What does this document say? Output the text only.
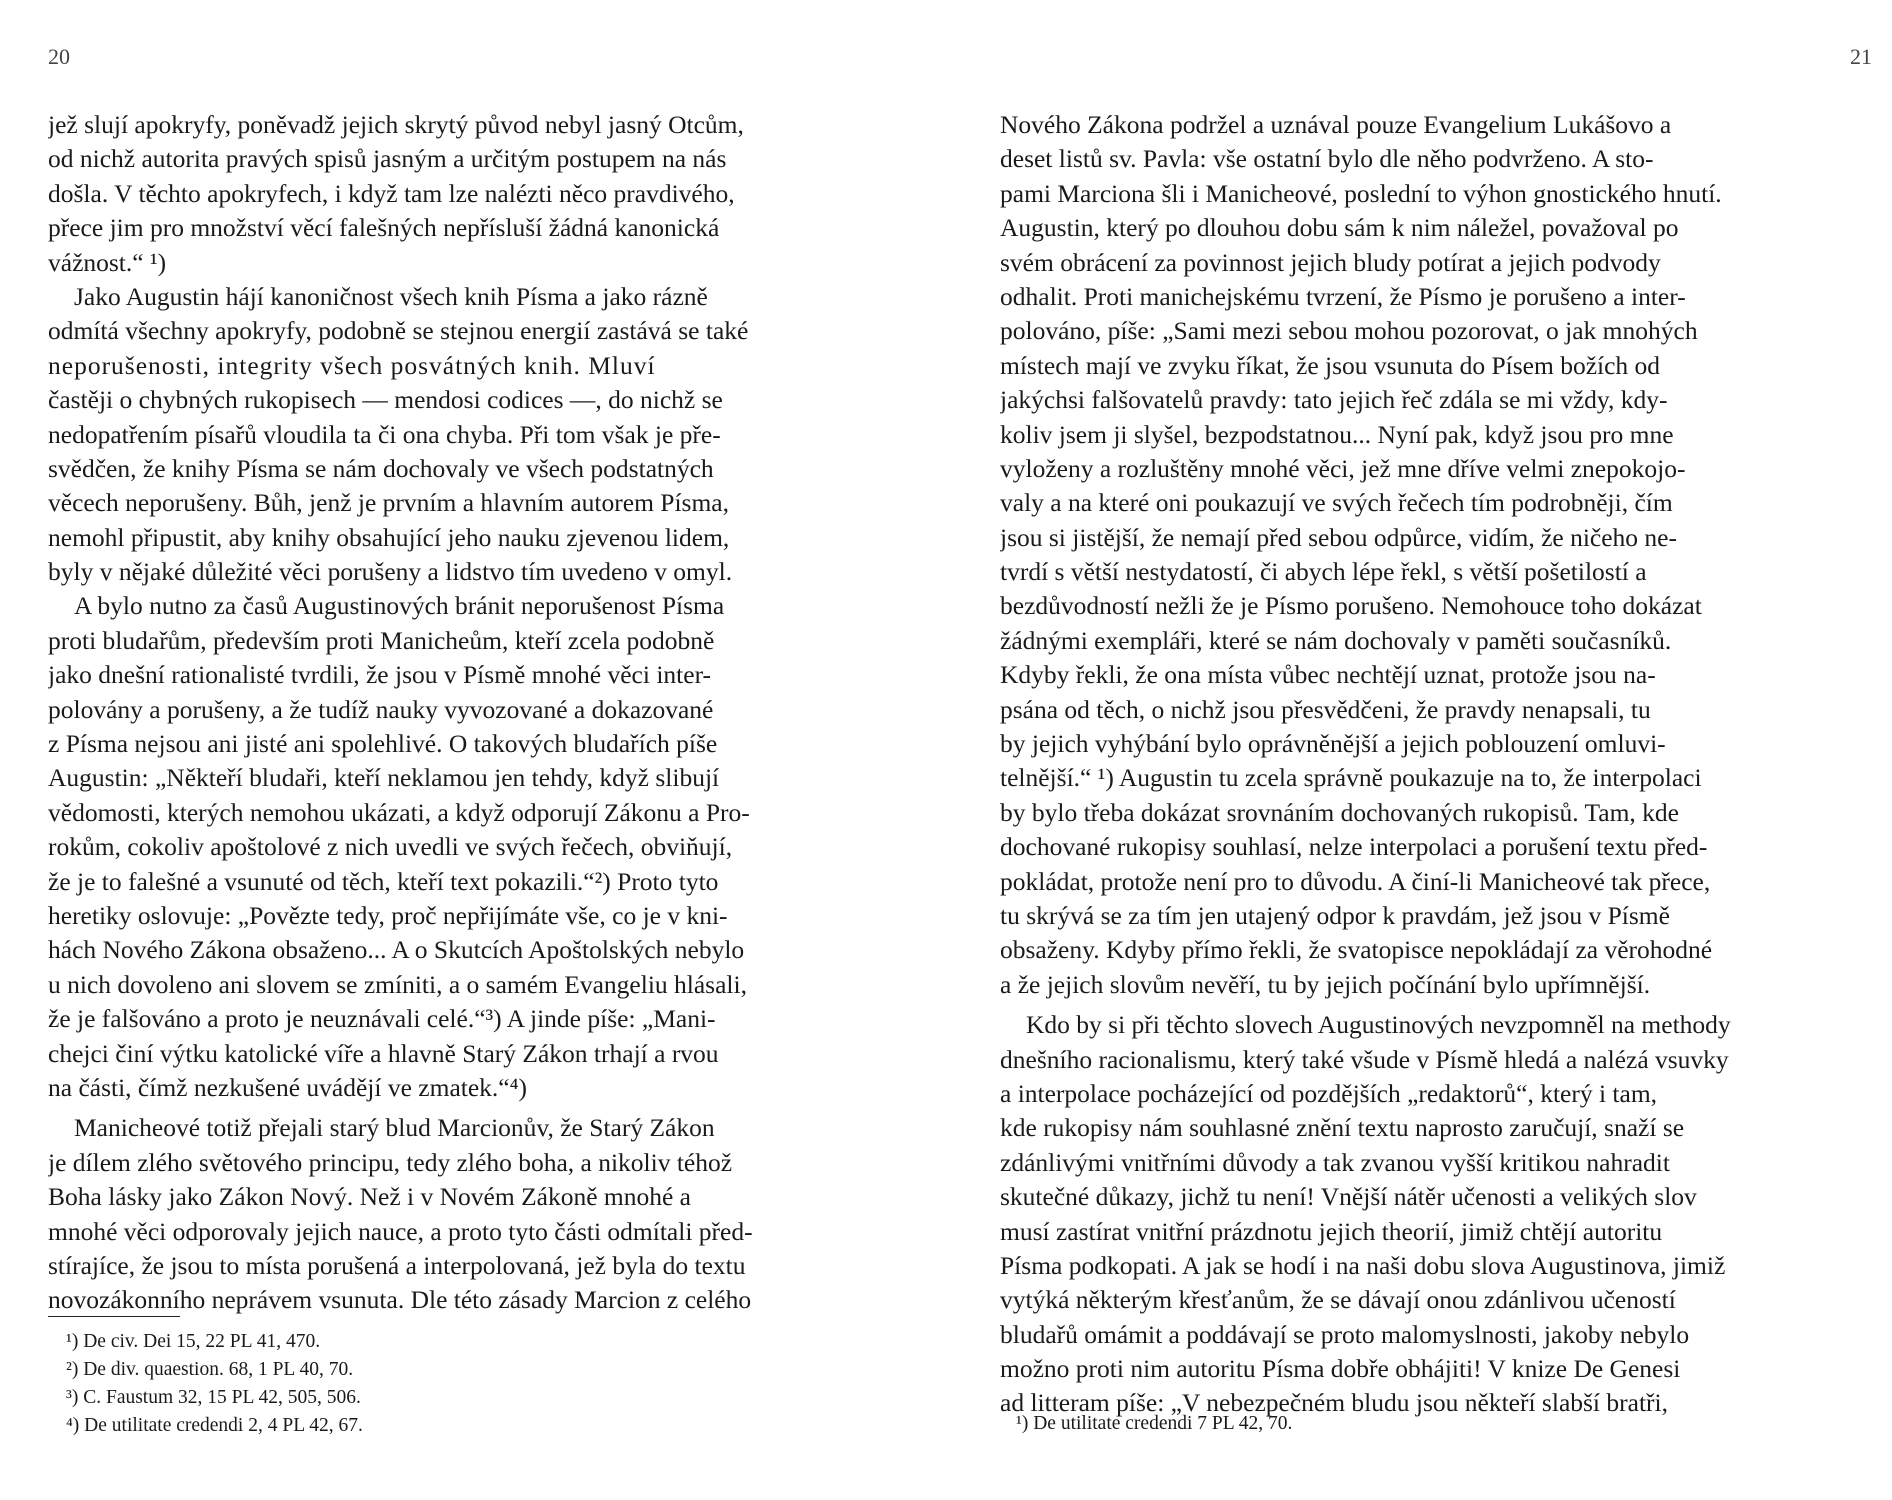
20
jež slují apokryfy, poněvadž jejich skrytý původ nebyl jasný Otcům,
od nichž autorita pravých spisů jasným a určitým postupem na nás
došla. V těchto apokryfech, i když tam lze nalézti něco pravdivého,
přece jim pro množství věcí falešných nepřísluší žádná kanonická
vážnost.“ ¹)
Jako Augustin hájí kanoničnost všech knih Písma a jako rázně
odmítá všechny apokryfy, podobně se stejnou energií zastává se také
neporušenosti, integrity všech posvátných knih. Mluví
častěji o chybných rukopisech — mendosi codices —, do nichž se
nedopatřením písařů vloudila ta či ona chyba. Při tom však je pře-
svědčen, že knihy Písma se nám dochovaly ve všech podstatných
věcech neporušeny. Bůh, jenž je prvním a hlavním autorem Písma,
nemohl připustit, aby knihy obsahující jeho nauku zjevenou lidem,
byly v nějaké důležité věci porušeny a lidstvo tím uvedeno v omyl.
A bylo nutno za časů Augustinových bránit neporušenost Písma
proti bludařům, především proti Manicheům, kteří zcela podobně
jako dnešní rationalisté tvrdili, že jsou v Písmě mnohé věci inter-
polovány a porušeny, a že tudíž nauky vyvozované a dokazované
z Písma nejsou ani jisté ani spolehlivé. O takových bludařích píše
Augustin: „Někteří bludaři, kteří neklamou jen tehdy, když slibují
vědomosti, kterých nemohou ukázati, a když odporují Zákonu a Pro-
rokům, cokoliv apoštolové z nich uvedli ve svých řečech, obviňují,
že je to falešné a vsunuté od těch, kteří text pokazili.“²) Proto tyto
heretiky oslovuje: „Povězte tedy, proč nepřijímáte vše, co je v kni-
hách Nového Zákona obsaženo... A o Skutcích Apoštolských nebylo
u nich dovoleno ani slovem se zmíniti, a o samém Evangeliu hlásali,
že je falšováno a proto je neuznávali celé.“³) A jinde píše: „Mani-
chejci činí výtku katolické víře a hlavně Starý Zákon trhají a rvou
na části, čímž nezkušené uvádějí ve zmatek.“⁴)
Manicheové totiž přejali starý blud Marcionův, že Starý Zákon
je dílem zlého světového principu, tedy zlého boha, a nikoliv téhož
Boha lásky jako Zákon Nový. Než i v Novém Zákoně mnohé a
mnohé věci odporovaly jejich nauce, a proto tyto části odmítali před-
stírajíce, že jsou to místa porušená a interpolovaná, jež byla do textu
novozákonního neprávem vsunuta. Dle této zásady Marcion z celého
¹) De civ. Dei 15, 22 PL 41, 470.
²) De div. quaestion. 68, 1 PL 40, 70.
³) C. Faustum 32, 15 PL 42, 505, 506.
⁴) De utilitate credendi 2, 4 PL 42, 67.
21
Nového Zákona podržel a uznával pouze Evangelium Lukášovo a
deset listů sv. Pavla: vše ostatní bylo dle něho podvrženo. A sto-
pami Marciona šli i Manicheové, poslední to výhon gnostického hnutí.
Augustin, který po dlouhou dobu sám k nim náležel, považoval po
svém obrácení za povinnost jejich bludy potírat a jejich podvody
odhalit. Proti manichejskému tvrzení, že Písmo je porušeno a inter-
polováno, píše: „Sami mezi sebou mohou pozorovat, o jak mnohých
místech mají ve zvyku říkat, že jsou vsunuta do Písem božích od
jakýchsi falšovatelů pravdy: tato jejich řeč zdála se mi vždy, kdy-
koliv jsem ji slyšel, bezpodstatnou... Nyní pak, když jsou pro mne
vyloženy a rozluštěny mnohé věci, jež mne dříve velmi znepokojo-
valy a na které oni poukazují ve svých řečech tím podrobněji, čím
jsou si jistější, že nemají před sebou odpůrce, vidím, že ničeho ne-
tvrdí s větší nestydatostí, či abych lépe řekl, s větší pošetilostí a
bezdůvodností nežli že je Písmo porušeno. Nemohouce toho dokázat
žádnými exempláři, které se nám dochovaly v paměti současníků.
Kdyby řekli, že ona místa vůbec nechtějí uznat, protože jsou na-
psána od těch, o nichž jsou přesvědčeni, že pravdy nenapsali, tu
by jejich vyhýbání bylo oprávněnější a jejich poblouzení omluvi-
telnější.“ ¹) Augustin tu zcela správně poukazuje na to, že interpolaci
by bylo třeba dokázat srovnáním dochovaných rukopisů. Tam, kde
dochované rukopisy souhlasí, nelze interpolaci a porušení textu před-
pokládat, protože není pro to důvodu. A činí-li Manicheové tak přece,
tu skrývá se za tím jen utajený odpor k pravdám, jež jsou v Písmě
obsaženy. Kdyby přímo řekli, že svatopisce nepokládají za věrohodné
a že jejich slovům nevěří, tu by jejich počínání bylo upřímnější.
Kdo by si při těchto slovech Augustinových nevzpomněl na methody
dnešního racionalismu, který také všude v Písmě hledá a nalézá vsuvky
a interpolace pocházející od pozdějších „redaktorů“, který i tam,
kde rukopisy nám souhlasné znění textu naprosto zaručují, snaží se
zdánlivými vnitřními důvody a tak zvanou vyšší kritikou nahradit
skutečné důkazy, jichž tu není! Vnější nátěr učenosti a velikých slov
musí zastírat vnitřní prázdnotu jejich theorií, jimiž chtějí autoritu
Písma podkopati. A jak se hodí i na naši dobu slova Augustinova, jimiž
vytýká některým křesťanům, že se dávají onou zdánlivou učeností
bludařů omámit a poddávají se proto malomyslnosti, jakoby nebylo
možno proti nim autoritu Písma dobře obhájiti! V knize De Genesi
ad litteram píše: „V nebezpečném bludu jsou někteří slabší bratři,
¹) De utilitate credendi 7 PL 42, 70.
